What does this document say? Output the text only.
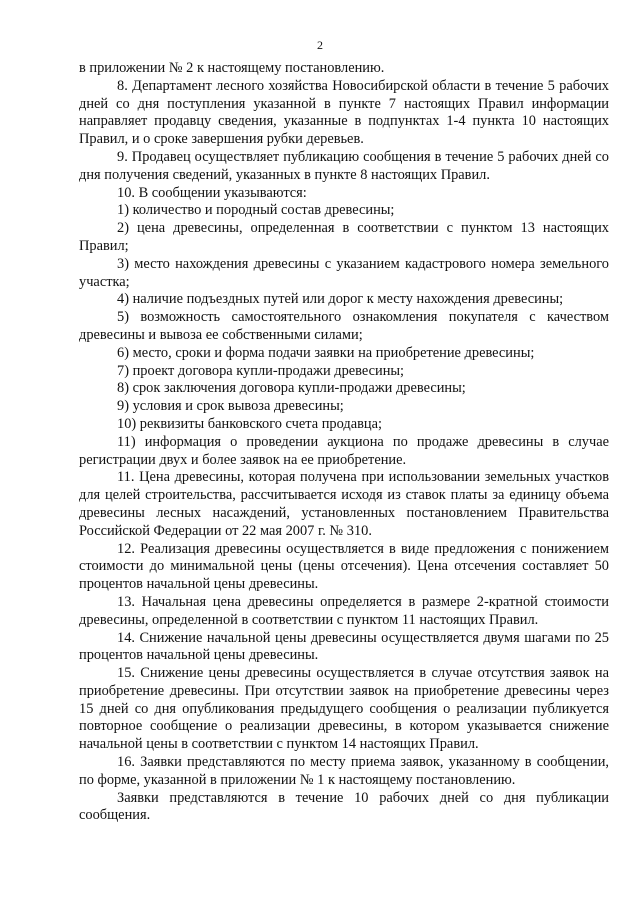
2

в приложении № 2 к настоящему постановлению.

8. Департамент лесного хозяйства Новосибирской области в течение 5 рабочих дней со дня поступления указанной в пункте 7 настоящих Правил информации направляет продавцу сведения, указанные в подпунктах 1-4 пункта 10 настоящих Правил, и о сроке завершения рубки деревьев.

9. Продавец осуществляет публикацию сообщения в течение 5 рабочих дней со дня получения сведений, указанных в пункте 8 настоящих Правил.

10. В сообщении указываются:

1) количество и породный состав древесины;

2) цена древесины, определенная в соответствии с пунктом 13 настоящих Правил;

3) место нахождения древесины с указанием кадастрового номера земельного участка;

4) наличие подъездных путей или дорог к месту нахождения древесины;

5) возможность самостоятельного ознакомления покупателя с качеством древесины и вывоза ее собственными силами;

6) место, сроки и форма подачи заявки на приобретение древесины;

7) проект договора купли-продажи древесины;

8) срок заключения договора купли-продажи древесины;

9) условия и срок вывоза древесины;

10) реквизиты банковского счета продавца;

11) информация о проведении аукциона по продаже древесины в случае регистрации двух и более заявок на ее приобретение.

11. Цена древесины, которая получена при использовании земельных участков для целей строительства, рассчитывается исходя из ставок платы за единицу объема древесины лесных насаждений, установленных постановлением Правительства Российской Федерации от 22 мая 2007 г. № 310.

12. Реализация древесины осуществляется в виде предложения с понижением стоимости до минимальной цены (цены отсечения). Цена отсечения составляет 50 процентов начальной цены древесины.

13. Начальная цена древесины определяется в размере 2-кратной стоимости древесины, определенной в соответствии с пунктом 11 настоящих Правил.

14. Снижение начальной цены древесины осуществляется двумя шагами по 25 процентов начальной цены древесины.

15. Снижение цены древесины осуществляется в случае отсутствия заявок на приобретение древесины. При отсутствии заявок на приобретение древесины через 15 дней со дня опубликования предыдущего сообщения о реализации публикуется повторное сообщение о реализации древесины, в котором указывается снижение начальной цены в соответствии с пунктом 14 настоящих Правил.

16. Заявки представляются по месту приема заявок, указанному в сообщении, по форме, указанной в приложении № 1 к настоящему постановлению.

Заявки представляются в течение 10 рабочих дней со дня публикации сообщения.
